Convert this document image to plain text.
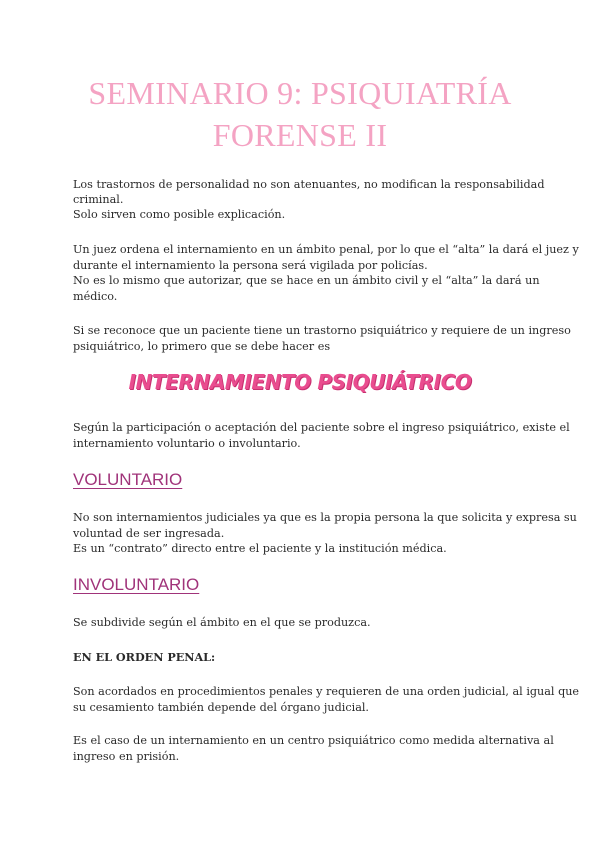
SEMINARIO 9: PSIQUIATRÍA
FORENSE II
Los trastornos de personalidad no son atenuantes, no modifican la responsabilidad
criminal.
Solo sirven como posible explicación.
Un juez ordena el internamiento en un ámbito penal, por lo que el “alta” la dará el juez y
durante el internamiento la persona será vigilada por policías.
No es lo mismo que autorizar, que se hace en un ámbito civil y el “alta” la dará un
médico.
Si se reconoce que un paciente tiene un trastorno psiquiátrico y requiere de un ingreso
psiquiátrico, lo primero que se debe hacer es
INTERNAMIENTO PSIQUIÁTRICO
Según la participación o aceptación del paciente sobre el ingreso psiquiátrico, existe el
internamiento voluntario o involuntario.
VOLUNTARIO
No son internamientos judiciales ya que es la propia persona la que solicita y expresa su
voluntad de ser ingresada.
Es un “contrato” directo entre el paciente y la institución médica.
INVOLUNTARIO
Se subdivide según el ámbito en el que se produzca.
EN EL ORDEN PENAL:
Son acordados en procedimientos penales y requieren de una orden judicial, al igual que
su cesamiento también depende del órgano judicial.
Es el caso de un internamiento en un centro psiquiátrico como medida alternativa al
ingreso en prisión.
